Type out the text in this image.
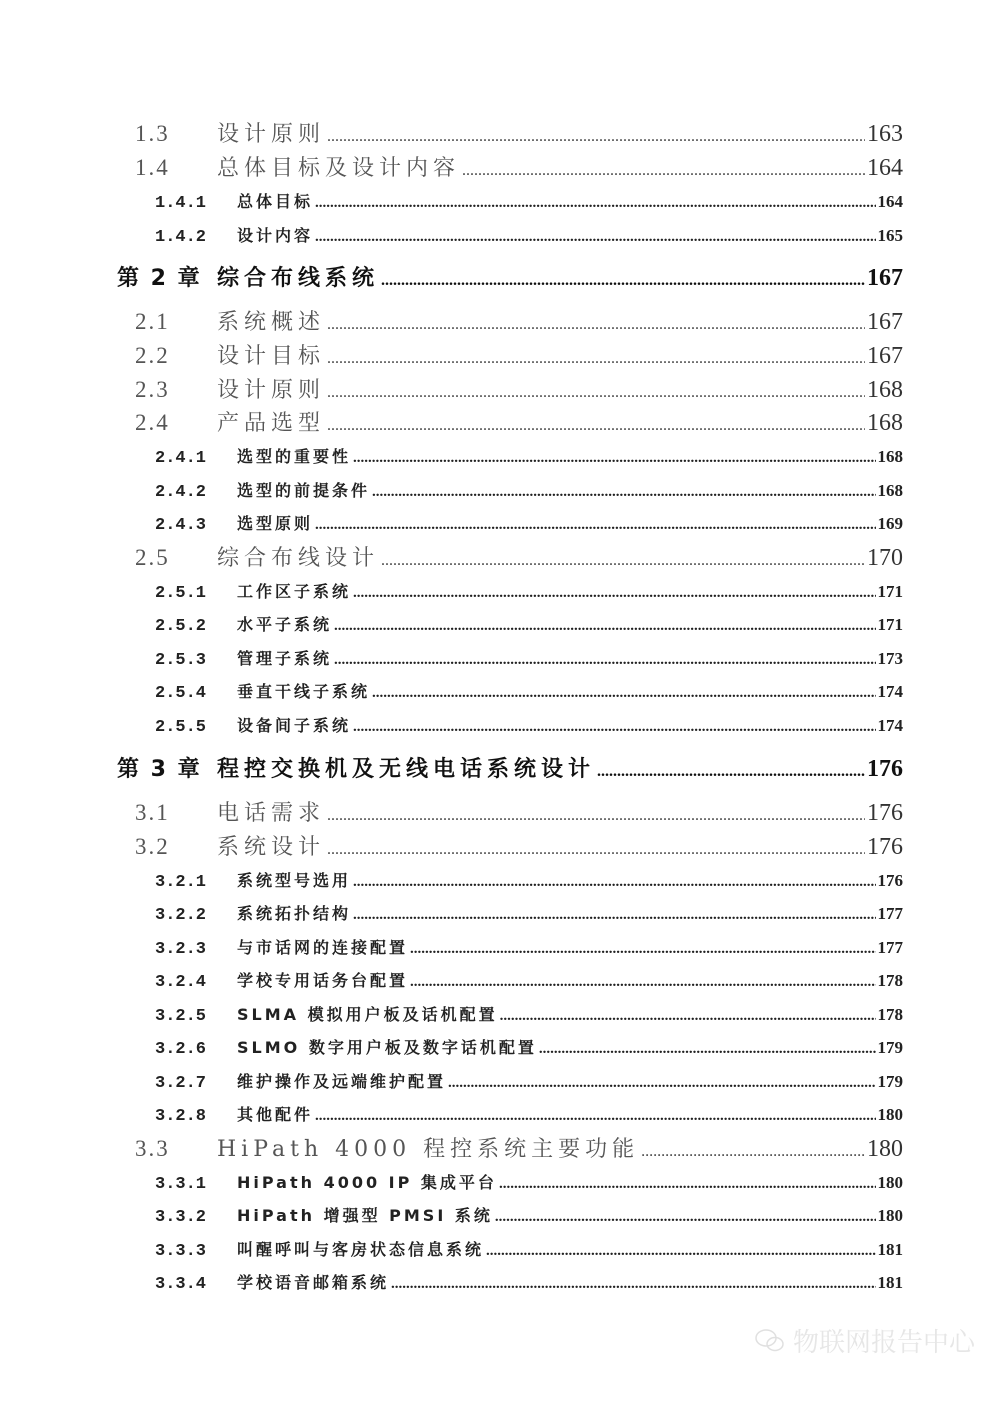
1.3	设计原则 .....	163
1.4	总体目标及设计内容 .....	164
1.4.1	总体目标 .....	164
1.4.2	设计内容 .....	165
第 2 章 综合布线系统 .....	167
2.1	系统概述 .....	167
2.2	设计目标 .....	167
2.3	设计原则 .....	168
2.4	产品选型 .....	168
2.4.1	选型的重要性 .....	168
2.4.2	选型的前提条件 .....	168
2.4.3	选型原则 .....	169
2.5	综合布线设计 .....	170
2.5.1	工作区子系统 .....	171
2.5.2	水平子系统 .....	171
2.5.3	管理子系统 .....	173
2.5.4	垂直干线子系统 .....	174
2.5.5	设备间子系统 .....	174
第 3 章 程控交换机及无线电话系统设计 .....	176
3.1	电话需求 .....	176
3.2	系统设计 .....	176
3.2.1	系统型号选用 .....	176
3.2.2	系统拓扑结构 .....	177
3.2.3	与市话网的连接配置 .....	177
3.2.4	学校专用话务台配置 .....	178
3.2.5	SLMA 模拟用户板及话机配置 .....	178
3.2.6	SLMO 数字用户板及数字话机配置 .....	179
3.2.7	维护操作及远端维护配置 .....	179
3.2.8	其他配件 .....	180
3.3	HiPath 4000 程控系统主要功能 .....	180
3.3.1	HiPath 4000 IP 集成平台 .....	180
3.3.2	HiPath 增强型 PMSI 系统 .....	180
3.3.3	叫醒呼叫与客房状态信息系统 .....	181
3.3.4	学校语音邮箱系统 .....	181
物联网报告中心
